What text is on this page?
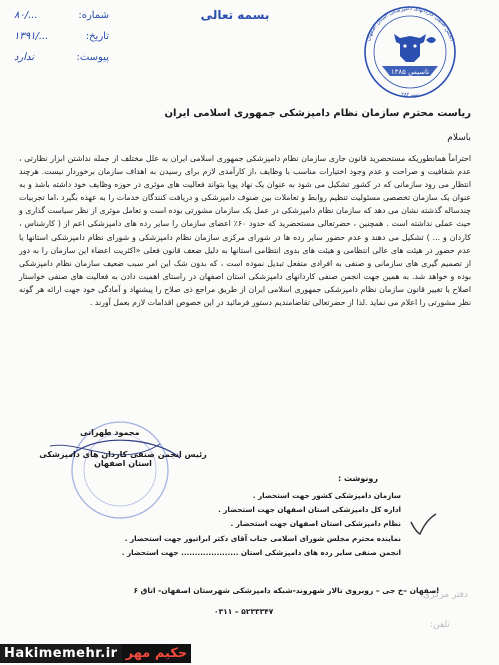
۸۰/...	شماره:
۱۳۹۱/...	تاریخ:
ندارد	پیوست:
بسمه تعالی
انجمن صنفی کاردانهای دامپزشکی استان اصفهان
تاسیس ۱۳۸۵
ثبت ۲۸۲
ریاست محترم سازمان نظام دامپزشکی جمهوری اسلامی ایران
باسلام
احتراماً همانطوریکه مستحضرید قانون جاری سازمان نظام دامپزشکی جمهوری اسلامی ایران به علل مختلف از جمله نداشتن ابزار نظارتی ، عدم شفافیت و صراحت و عدم وجود اختیارات مناسب با وظایف ،از کارآمدی لازم برای رسیدن به اهداف سازمان برخوردار نیست. هرچند انتظار می رود سازمانی که در کشور تشکیل می شود به عنوان یک نهاد پویا بتواند فعالیت های موثری در حوزه وظایف خود داشته باشد و به عنوان یک سازمان تخصصی مسئولیت تنظیم روابط و تعاملات بین صنوف دامپزشکی و دریافت کنندگان خدمات را به عهده بگیرد ،اما تجربیات چندساله گذشته نشان می دهد که سازمان نظام دامپزشکی در عمل یک سازمان مشورتی بوده است و تعامل موثری از نظر سیاست گذاری و حیث عملی نداشته است . همچنین ، حضرتعالی مستحضرید که حدود ۶۰٪ اعضای سازمان را سایر رده های دامپزشکی اعم از ( کارشناس ، کاردان و ... ) تشکیل می دهند و عدم حضور سایر رده ها در شورای مرکزی سازمان نظام دامپزشکی و شورای نظام دامپزشکی استانها یا عدم حضور در هیئت های عالی انتظامی و هیئت های بدوی انتظامی استانها به دلیل ضعف قانون فعلی «اکثریت اعضاء این سازمان را به دور از تصمیم گیری های سازمانی و صنفی به افرادی منفعل تبدیل نموده است ، که بدون شک این امر سبب ضعیف سازمان نظام دامپزشکی بوده و خواهد شد. به همین جهت انجمن صنفی کاردانهای دامپزشکی استان اصفهان در راستای اهمیت دادن به فعالیت های صنفی خواستار اصلاح یا تغییر قانون سازمان نظام دامپزشکی جمهوری اسلامی ایران از طریق مراجع ذی صلاح را پیشنهاد و آمادگی خود جهت ارائه هر گونه نظر مشورتی را اعلام می نماید .لذا از حضرتعالی تقاضامندیم دستور فرمائید در این خصوص اقدامات لازم بعمل آورند .
محمود طهرانی
رئیس انجمن صنفی کاردان های دامپزشکی استان اصفهان
رونوشت :
سازمان دامپزشکی کشور جهت استحضار .
اداره کل دامپزشکی استان اصفهان جهت استحضار .
نظام دامپزشکی استان اصفهان جهت استحضار .
نماینده محترم مجلس شورای اسلامی جناب آقای دکتر ابراتیور جهت استحضار .
انجمن صنفی سایر رده های دامپزشکی استان ..................... جهت استحضار .
اصفهان –خ جی – روبروی تالار شهروند-شبکه دامپزشکی شهرستان اصفهان- اتاق ۶
۰۳۱۱ – ۵۲۳۳۳۴۷
دفتر مرکزی:
تلفن:
Hakimemehr.ir حکیم مهر
